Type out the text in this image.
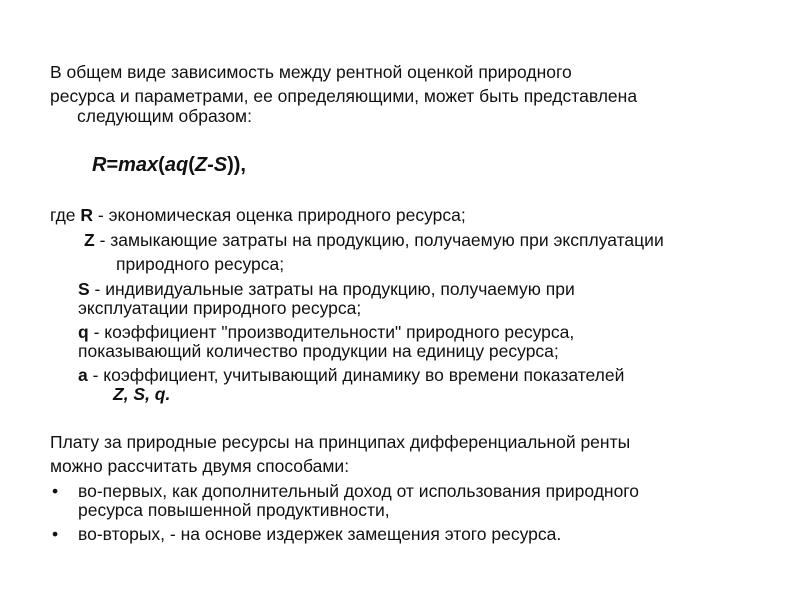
В общем виде зависимость между рентной оценкой природного
ресурса и параметрами, ее определяющими, может быть представлена
следующим образом:
R=max(aq(Z-S)),
где R - экономическая оценка природного ресурса;
Z - замыкающие затраты на продукцию, получаемую при эксплуатации
природного ресурса;
S - индивидуальные затраты на продукцию, получаемую при
эксплуатации природного ресурса;
q - коэффициент "производительности" природного ресурса,
показывающий количество продукции на единицу ресурса;
a - коэффициент, учитывающий динамику во времени показателей
Z, S, q.
Плату за природные ресурсы на принципах дифференциальной ренты
можно рассчитать двумя способами:
• во-первых, как дополнительный доход от использования природного
ресурса повышенной продуктивности,
• во-вторых, - на основе издержек замещения этого ресурса.
